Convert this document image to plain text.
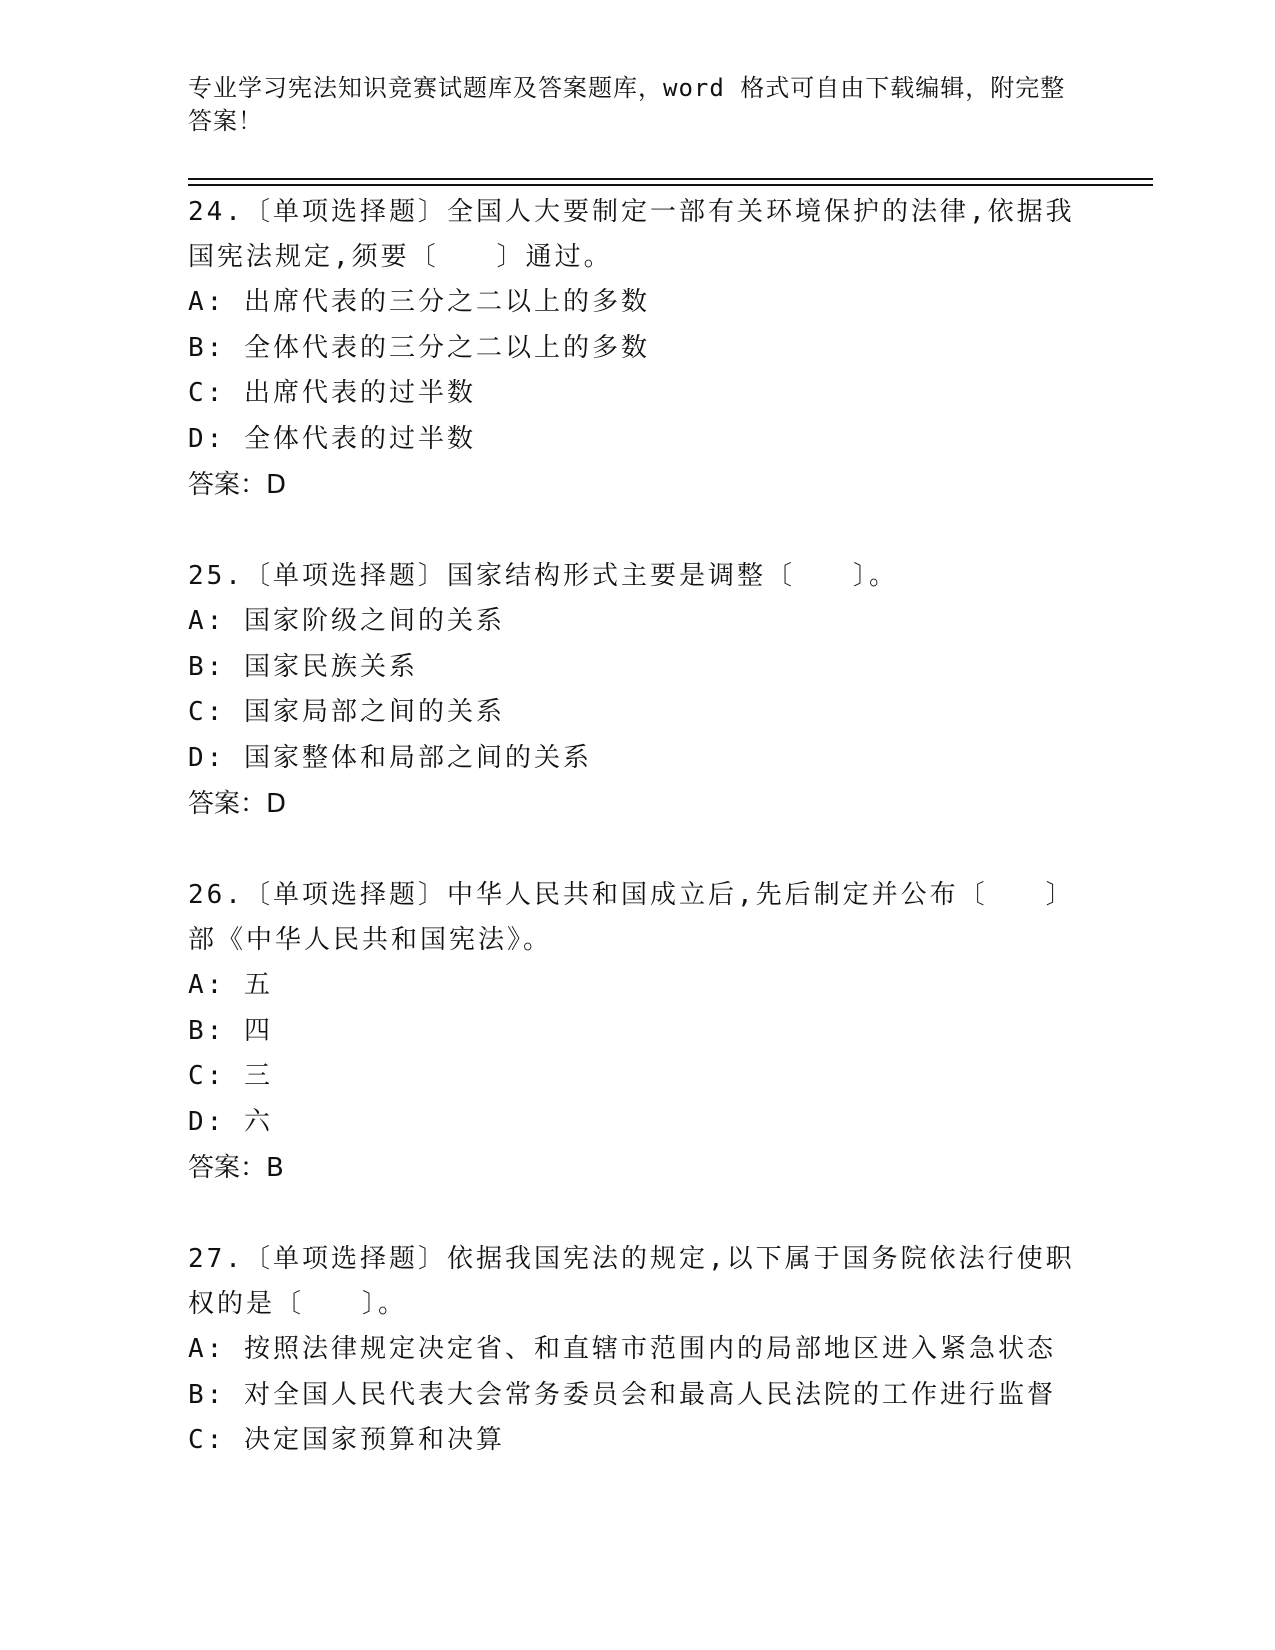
专业学习宪法知识竞赛试题库及答案题库，word 格式可自由下载编辑，附完整答案！

24.〔单项选择题〕全国人大要制定一部有关环境保护的法律,依据我国宪法规定,须要〔　　〕通过。

A: 出席代表的三分之二以上的多数

B: 全体代表的三分之二以上的多数

C: 出席代表的过半数

D: 全体代表的过半数

答案：D

25.〔单项选择题〕国家结构形式主要是调整〔　　〕。

A: 国家阶级之间的关系

B: 国家民族关系

C: 国家局部之间的关系

D: 国家整体和局部之间的关系

答案：D

26.〔单项选择题〕中华人民共和国成立后,先后制定并公布〔　　〕部《中华人民共和国宪法》。

A: 五

B: 四

C: 三

D: 六

答案：B

27.〔单项选择题〕依据我国宪法的规定,以下属于国务院依法行使职权的是〔　　〕。

A: 按照法律规定决定省、和直辖市范围内的局部地区进入紧急状态

B: 对全国人民代表大会常务委员会和最高人民法院的工作进行监督

C: 决定国家预算和决算
